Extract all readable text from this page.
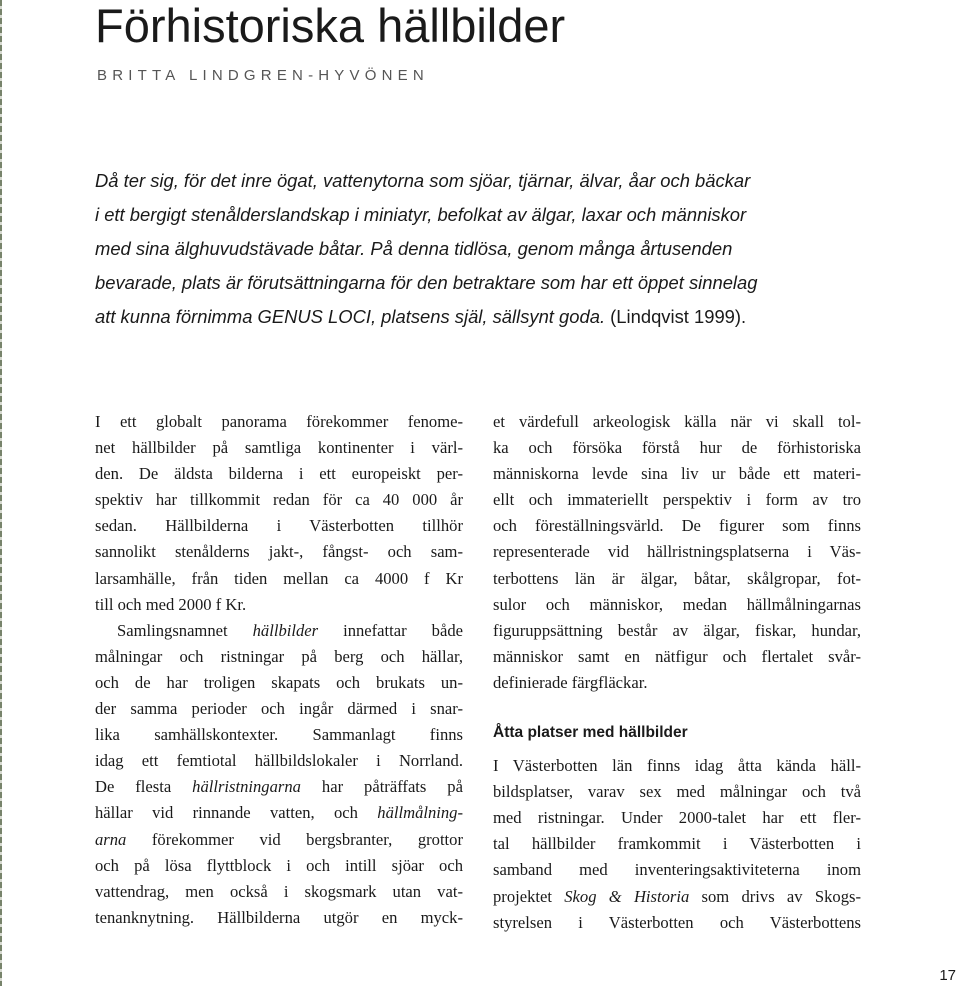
Förhistoriska hällbilder
BRITTA LINDGREN-HYVÖNEN

Då ter sig, för det inre ögat, vattenytorna som sjöar, tjärnar, älvar, åar och bäckar
i ett bergigt stenålderslandskap i miniatyr, befolkat av älgar, laxar och människor
med sina älghuvudstävade båtar. På denna tidlösa, genom många årtusenden
bevarade, plats är förutsättningarna för den betraktare som har ett öppet sinnelag
att kunna förnimma GENUS LOCI, platsens själ, sällsynt goda. (Lindqvist 1999).

I ett globalt panorama förekommer fenome-
net hällbilder på samtliga kontinenter i värl-
den. De äldsta bilderna i ett europeiskt per-
spektiv har tillkommit redan för ca 40 000 år
sedan. Hällbilderna i Västerbotten tillhör
sannolikt stenålderns jakt-, fångst- och sam-
larsamhälle, från tiden mellan ca 4000 f Kr
till och med 2000 f Kr.
Samlingsnamnet hällbilder innefattar både
målningar och ristningar på berg och hällar,
och de har troligen skapats och brukats un-
der samma perioder och ingår därmed i snar-
lika samhällskontexter. Sammanlagt finns
idag ett femtiotal hällbildslokaler i Norrland.
De flesta hällristningarna har påträffats på
hällar vid rinnande vatten, och hällmålning-
arna förekommer vid bergsbranter, grottor
och på lösa flyttblock i och intill sjöar och
vattendrag, men också i skogsmark utan vat-
tenanknytning. Hällbilderna utgör en myck-
et värdefull arkeologisk källa när vi skall tol-
ka och försöka förstå hur de förhistoriska
människorna levde sina liv ur både ett materi-
ellt och immateriellt perspektiv i form av tro
och föreställningsvärld. De figurer som finns
representerade vid hällristningsplatserna i Väs-
terbottens län är älgar, båtar, skålgropar, fot-
sulor och människor, medan hällmålningarnas
figuruppsättning består av älgar, fiskar, hundar,
människor samt en nätfigur och flertalet svår-
definierade färgfläckar.
Åtta platser med hällbilder
I Västerbotten län finns idag åtta kända häll-
bildsplatser, varav sex med målningar och två
med ristningar. Under 2000-talet har ett fler-
tal hällbilder framkommit i Västerbotten i
samband med inventeringsaktiviteterna inom
projektet Skog & Historia som drivs av Skogs-
styrelsen i Västerbotten och Västerbottens
17
